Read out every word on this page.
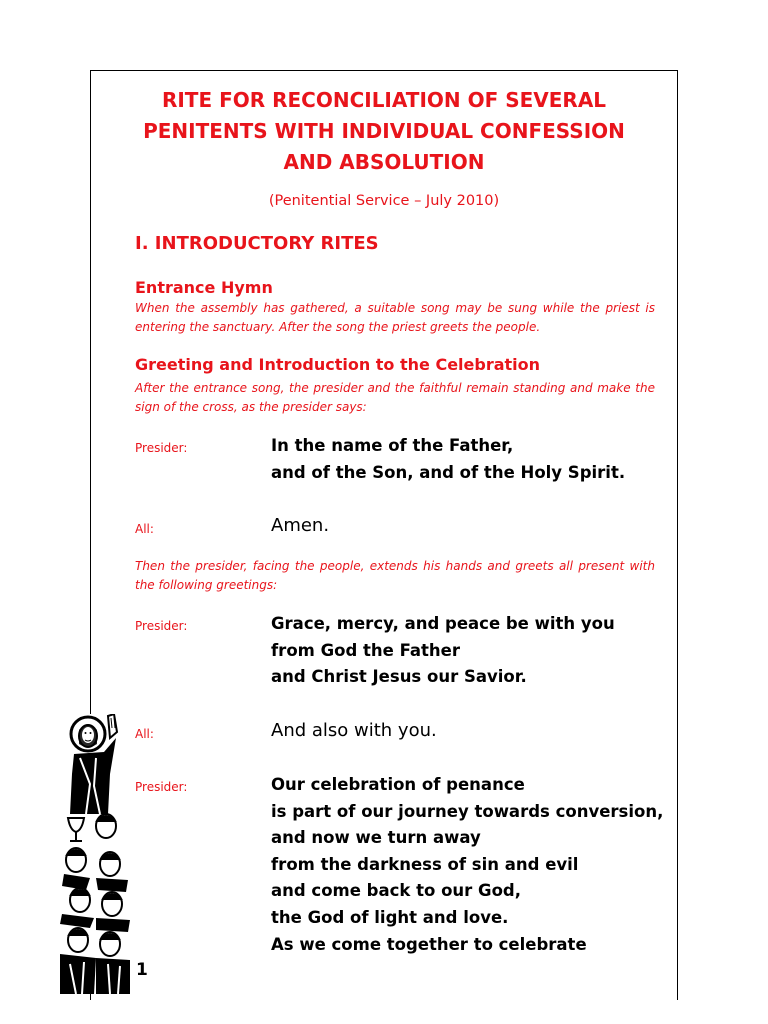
RITE FOR RECONCILIATION OF SEVERAL
PENITENTS WITH INDIVIDUAL CONFESSION
AND ABSOLUTION
(Penitential Service – July 2010)
I. INTRODUCTORY RITES
Entrance Hymn
When the assembly has gathered, a suitable song may be sung while the priest is entering the sanctuary. After the song the priest greets the people.
Greeting and Introduction to the Celebration
After the entrance song, the presider and the faithful remain standing and make the sign of the cross, as the presider says:
Presider:	In the name of the Father,
and of the Son, and of the Holy Spirit.
All:	Amen.
Then the presider, facing the people, extends his hands and greets all present with the following greetings:
Presider:	Grace, mercy, and peace be with you
from God the Father
and Christ Jesus our Savior.
All:	And also with you.
Presider:	Our celebration of penance
is part of our journey towards conversion,
and now we turn away
from the darkness of sin and evil
and come back to our God,
the God of light and love.
As we come together to celebrate
1
